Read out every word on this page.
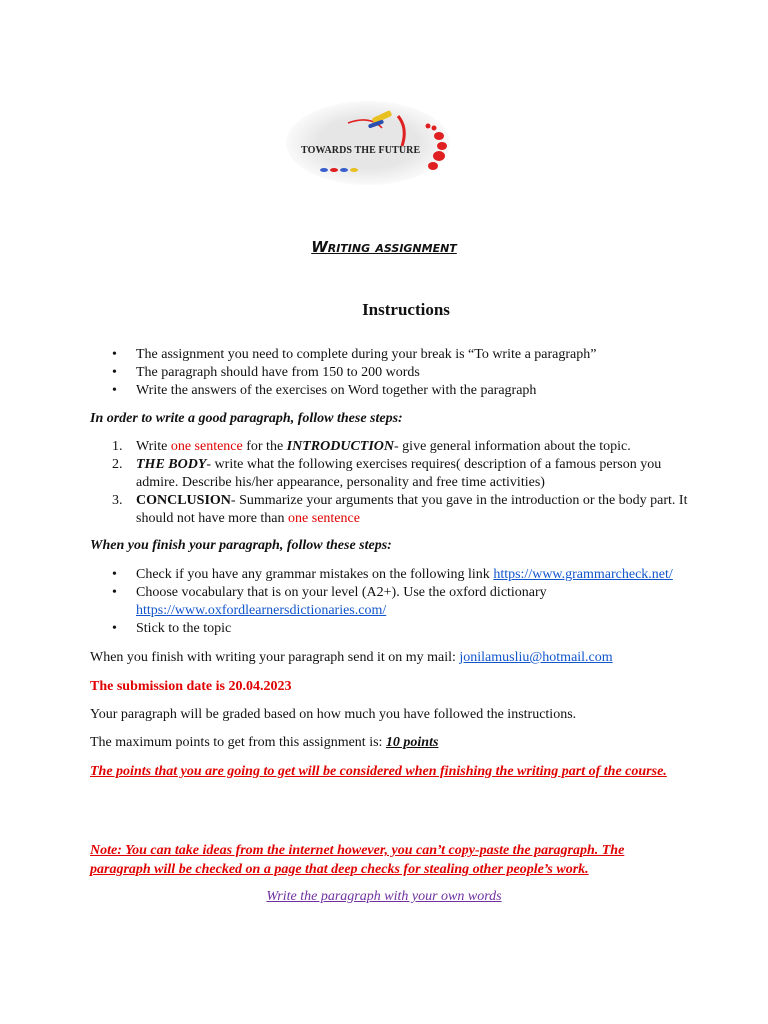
TOWARDS THE FUTURE
Writing assignment
Instructions
• The assignment you need to complete during your break is “To write a paragraph”
• The paragraph should have from 150 to 200 words
• Write the answers of the exercises on Word together with the paragraph
In order to write a good paragraph, follow these steps:
1. Write one sentence for the INTRODUCTION- give general information about the topic.
2. THE BODY- write what the following exercises requires( description of a famous person you admire. Describe his/her appearance, personality and free time activities)
3. CONCLUSION- Summarize your arguments that you gave in the introduction or the body part. It should not have more than one sentence
When you finish your paragraph, follow these steps:
• Check if you have any grammar mistakes on the following link https://www.grammarcheck.net/
• Choose vocabulary that is on your level (A2+). Use the oxford dictionary https://www.oxfordlearnersdictionaries.com/
• Stick to the topic
When you finish with writing your paragraph send it on my mail: jonilamusliu@hotmail.com
The submission date is 20.04.2023
Your paragraph will be graded based on how much you have followed the instructions.
The maximum points to get from this assignment is: 10 points
The points that you are going to get will be considered when finishing the writing part of the course.
Note: You can take ideas from the internet however, you can’t copy-paste the paragraph. The paragraph will be checked on a page that deep checks for stealing other people’s work.
Write the paragraph with your own words
